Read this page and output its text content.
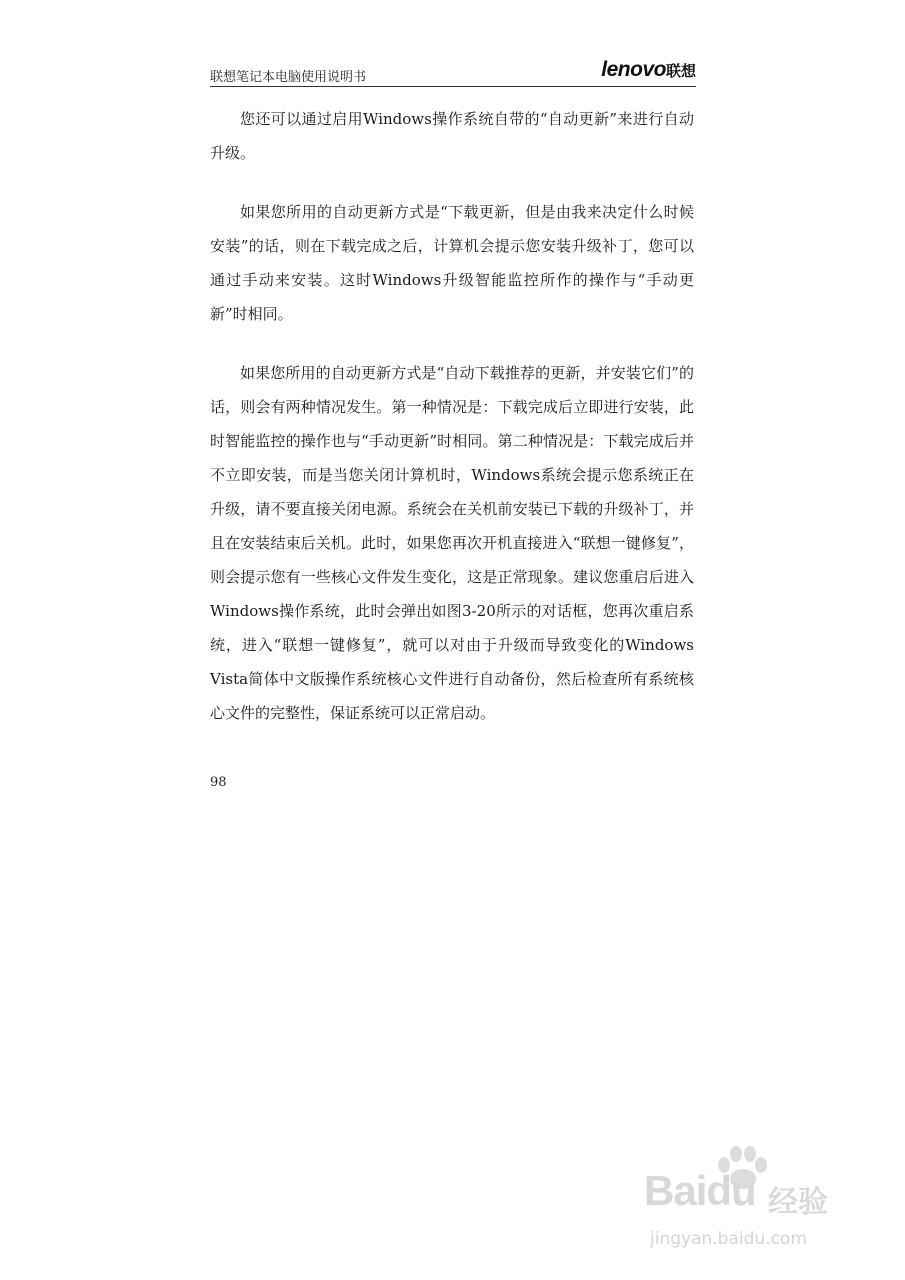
联想笔记本电脑使用说明书	lenovo联想

您还可以通过启用Windows操作系统自带的“自动更新”来进行自动升级。

如果您所用的自动更新方式是“下载更新，但是由我来决定什么时候安装”的话，则在下载完成之后，计算机会提示您安装升级补丁，您可以通过手动来安装。这时Windows升级智能监控所作的操作与“手动更新”时相同。

如果您所用的自动更新方式是“自动下载推荐的更新，并安装它们”的话，则会有两种情况发生。第一种情况是：下载完成后立即进行安装，此时智能监控的操作也与“手动更新”时相同。第二种情况是：下载完成后并不立即安装，而是当您关闭计算机时，Windows系统会提示您系统正在升级，请不要直接关闭电源。系统会在关机前安装已下载的升级补丁，并且在安装结束后关机。此时，如果您再次开机直接进入“联想一键修复”，则会提示您有一些核心文件发生变化，这是正常现象。建议您重启后进入Windows操作系统，此时会弹出如图3-20所示的对话框，您再次重启系统，进入“联想一键修复”，就可以对由于升级而导致变化的Windows Vista简体中文版操作系统核心文件进行自动备份，然后检查所有系统核心文件的完整性，保证系统可以正常启动。

98
Baidu 经验
jingyan.baidu.com
